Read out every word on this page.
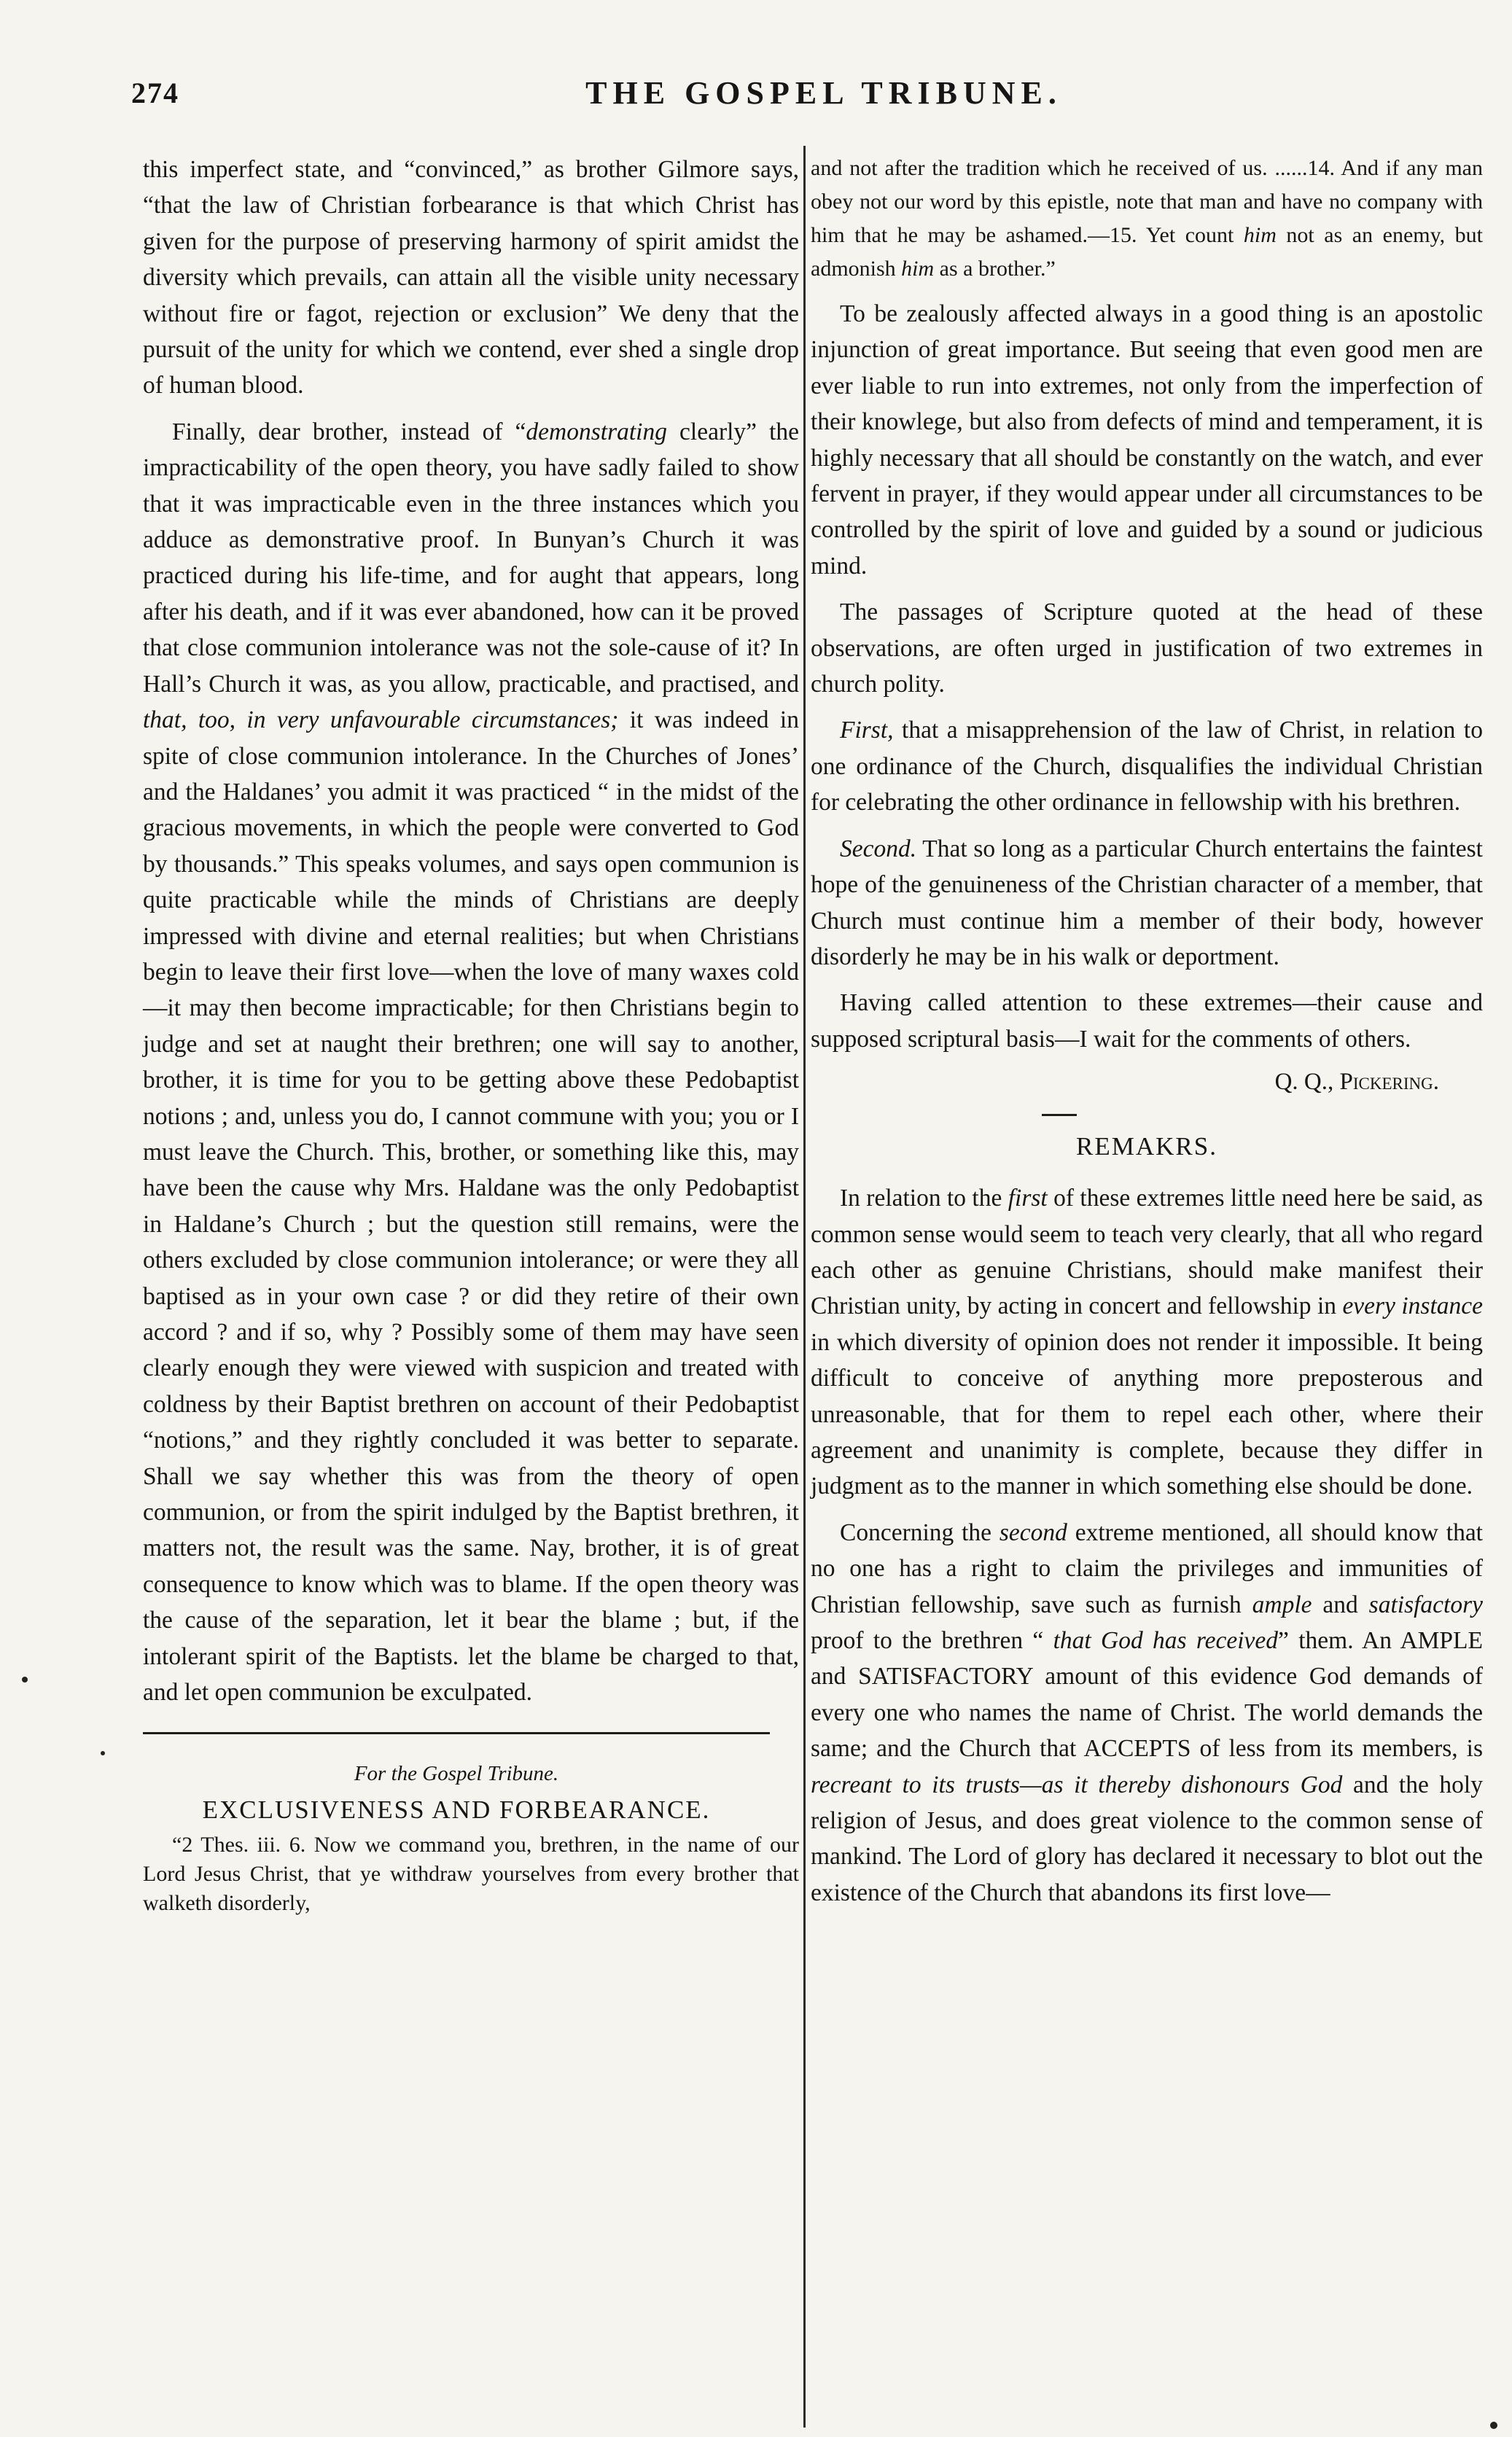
274	THE GOSPEL TRIBUNE.

this imperfect state, and “convinced,” as brother Gilmore says, “that the law of Christian forbearance is that which Christ has given for the purpose of preserving harmony of spirit amidst the diversity which prevails, can attain all the visible unity necessary without fire or fagot, rejection or exclusion” We deny that the pursuit of the unity for which we contend, ever shed a single drop of human blood.

Finally, dear brother, instead of “demonstrating clearly” the impracticability of the open theory, you have sadly failed to show that it was impracticable even in the three instances which you adduce as demonstrative proof. In Bunyan’s Church it was practiced during his life-time, and for aught that appears, long after his death, and if it was ever abandoned, how can it be proved that close communion intolerance was not the sole-cause of it? In Hall’s Church it was, as you allow, practicable, and practised, and that, too, in very unfavourable circumstances; it was indeed in spite of close communion intolerance. In the Churches of Jones’ and the Haldanes’ you admit it was practiced “ in the midst of the gracious movements, in which the people were converted to God by thousands.” This speaks volumes, and says open communion is quite practicable while the minds of Christians are deeply impressed with divine and eternal realities; but when Christians begin to leave their first love—when the love of many waxes cold—it may then become impracticable; for then Christians begin to judge and set at naught their brethren; one will say to another, brother, it is time for you to be getting above these Pedobaptist notions ; and, unless you do, I cannot commune with you; you or I must leave the Church. This, brother, or something like this, may have been the cause why Mrs. Haldane was the only Pedobaptist in Haldane’s Church ; but the question still remains, were the others excluded by close communion intolerance; or were they all baptised as in your own case ? or did they retire of their own accord ? and if so, why ? Possibly some of them may have seen clearly enough they were viewed with suspicion and treated with coldness by their Baptist brethren on account of their Pedobaptist “notions,” and they rightly concluded it was better to separate. Shall we say whether this was from the theory of open communion, or from the spirit indulged by the Baptist brethren, it matters not, the result was the same. Nay, brother, it is of great consequence to know which was to blame. If the open theory was the cause of the separation, let it bear the blame ; but, if the intolerant spirit of the Baptists. let the blame be charged to that, and let open communion be exculpated.

For the Gospel Tribune.
EXCLUSIVENESS AND FORBEARANCE.

“2 Thes. iii. 6. Now we command you, brethren, in the name of our Lord Jesus Christ, that ye withdraw yourselves from every brother that walketh disorderly,

and not after the tradition which he received of us. ......14. And if any man obey not our word by this epistle, note that man and have no company with him that he may be ashamed.—15. Yet count him not as an enemy, but admonish him as a brother.”

To be zealously affected always in a good thing is an apostolic injunction of great importance. But seeing that even good men are ever liable to run into extremes, not only from the imperfection of their knowlege, but also from defects of mind and temperament, it is highly necessary that all should be constantly on the watch, and ever fervent in prayer, if they would appear under all circumstances to be controlled by the spirit of love and guided by a sound or judicious mind.

The passages of Scripture quoted at the head of these observations, are often urged in justification of two extremes in church polity.

First, that a misapprehension of the law of Christ, in relation to one ordinance of the Church, disqualifies the individual Christian for celebrating the other ordinance in fellowship with his brethren.

Second. That so long as a particular Church entertains the faintest hope of the genuineness of the Christian character of a member, that Church must continue him a member of their body, however disorderly he may be in his walk or deportment.

Having called attention to these extremes—their cause and supposed scriptural basis—I wait for the comments of others.

Q. Q., Pickering.
REMAKRS.

In relation to the first of these extremes little need here be said, as common sense would seem to teach very clearly, that all who regard each other as genuine Christians, should make manifest their Christian unity, by acting in concert and fellowship in every instance in which diversity of opinion does not render it impossible. It being difficult to conceive of anything more preposterous and unreasonable, that for them to repel each other, where their agreement and unanimity is complete, because they differ in judgment as to the manner in which something else should be done.

Concerning the second extreme mentioned, all should know that no one has a right to claim the privileges and immunities of Christian fellowship, save such as furnish ample and satisfactory proof to the brethren “ that God has received” them. An AMPLE and SATISFACTORY amount of this evidence God demands of every one who names the name of Christ. The world demands the same; and the Church that ACCEPTS of less from its members, is recreant to its trusts—as it thereby dishonours God and the holy religion of Jesus, and does great violence to the common sense of mankind. The Lord of glory has declared it necessary to blot out the existence of the Church that abandons its first love—
